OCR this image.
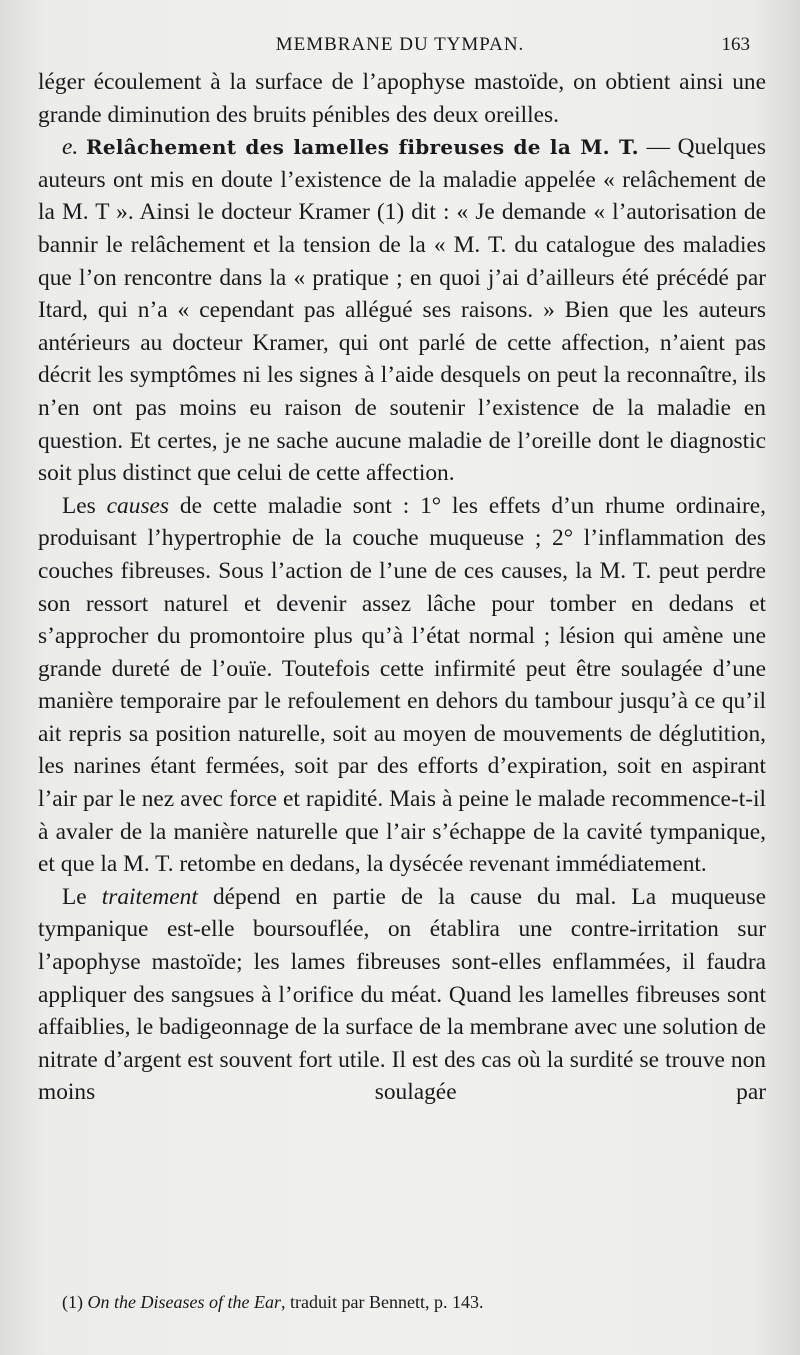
MEMBRANE DU TYMPAN.	163

léger écoulement à la surface de l’apophyse mastoïde, on obtient ainsi une grande diminution des bruits pénibles des deux oreilles.

e. Relâchement des lamelles fibreuses de la M. T. — Quelques auteurs ont mis en doute l’existence de la maladie appelée « relâchement de la M. T ». Ainsi le docteur Kramer (1) dit : « Je demande « l’autorisation de bannir le relâchement et la tension de la « M. T. du catalogue des maladies que l’on rencontre dans la « pratique ; en quoi j’ai d’ailleurs été précédé par Itard, qui n’a « cependant pas allégué ses raisons. » Bien que les auteurs antérieurs au docteur Kramer, qui ont parlé de cette affection, n’aient pas décrit les symptômes ni les signes à l’aide desquels on peut la reconnaître, ils n’en ont pas moins eu raison de soutenir l’existence de la maladie en question. Et certes, je ne sache aucune maladie de l’oreille dont le diagnostic soit plus distinct que celui de cette affection.

Les causes de cette maladie sont : 1° les effets d’un rhume ordinaire, produisant l’hypertrophie de la couche muqueuse ; 2° l’inflammation des couches fibreuses. Sous l’action de l’une de ces causes, la M. T. peut perdre son ressort naturel et devenir assez lâche pour tomber en dedans et s’approcher du promontoire plus qu’à l’état normal ; lésion qui amène une grande dureté de l’ouïe. Toutefois cette infirmité peut être soulagée d’une manière temporaire par le refoulement en dehors du tambour jusqu’à ce qu’il ait repris sa position naturelle, soit au moyen de mouvements de déglutition, les narines étant fermées, soit par des efforts d’expiration, soit en aspirant l’air par le nez avec force et rapidité. Mais à peine le malade recommence-t-il à avaler de la manière naturelle que l’air s’échappe de la cavité tympanique, et que la M. T. retombe en dedans, la dysécée revenant immédiatement.

Le traitement dépend en partie de la cause du mal. La muqueuse tympanique est-elle boursouflée, on établira une contre-irritation sur l’apophyse mastoïde; les lames fibreuses sont-elles enflammées, il faudra appliquer des sangsues à l’orifice du méat. Quand les lamelles fibreuses sont affaiblies, le badigeonnage de la surface de la membrane avec une solution de nitrate d’argent est souvent fort utile. Il est des cas où la surdité se trouve non moins soulagée par

(1) On the Diseases of the Ear, traduit par Bennett, p. 143.
